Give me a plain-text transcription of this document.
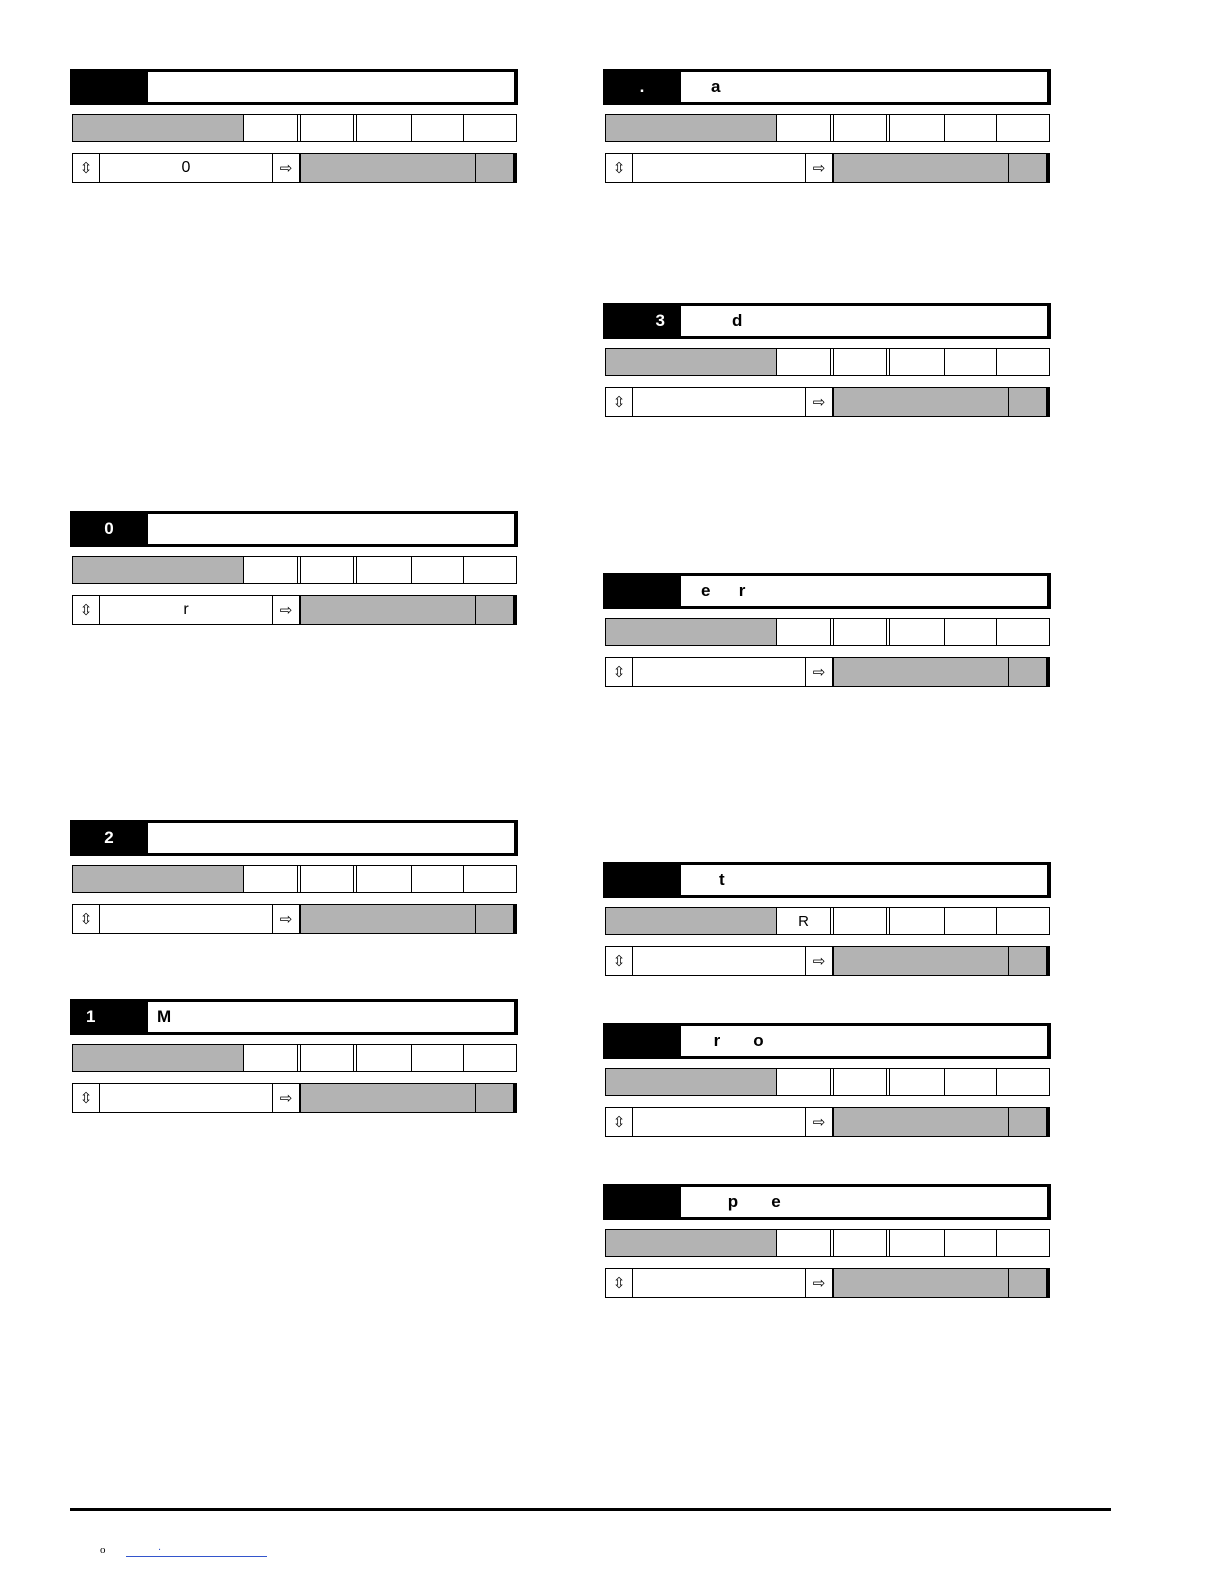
⇳	0	⇨
0
⇳	r	⇨
2
⇳	⇨
1	M
⇳	⇨
.	a
⇳	⇨
3	d
⇳	⇨
e      r
⇳	⇨
t
R
⇳	⇨
r       o
⇳	⇨
p       e
⇳	⇨
o	.
